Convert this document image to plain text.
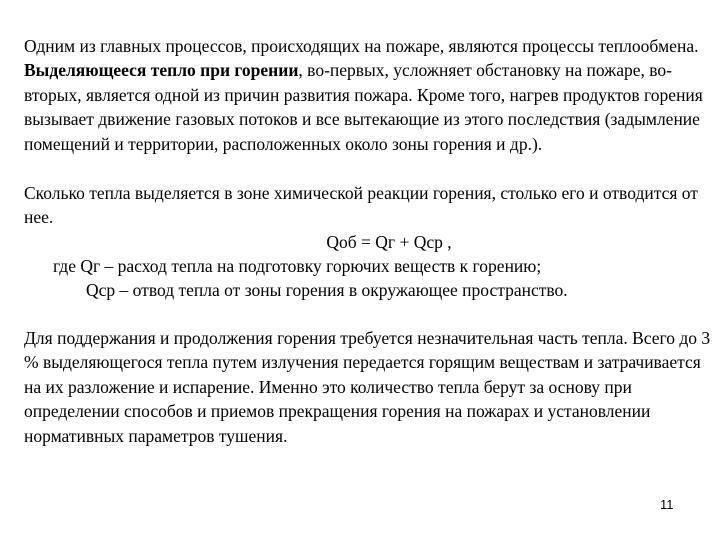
Одним из главных процессов, происходящих на пожаре, являются процессы теплообмена. Выделяющееся тепло при горении, во-первых, усложняет обстановку на пожаре, во-вторых, является одной из причин развития пожара. Кроме того, нагрев продуктов горения вызывает движение газовых потоков и все вытекающие из этого последствия (задымление помещений и территории, расположенных около зоны горения и др.).

Сколько тепла выделяется в зоне химической реакции горения, столько его и отводится от нее.

Qоб = Qг + Qср ,
где Qг – расход тепла на подготовку горючих веществ к горению;
Qср – отвод тепла от зоны горения в окружающее пространство.

Для поддержания и продолжения горения требуется незначительная часть тепла. Всего до 3 % выделяющегося тепла путем излучения передается горящим веществам и затрачивается на их разложение и испарение. Именно это количество тепла берут за основу при определении способов и приемов прекращения горения на пожарах и установлении нормативных параметров тушения.

11
